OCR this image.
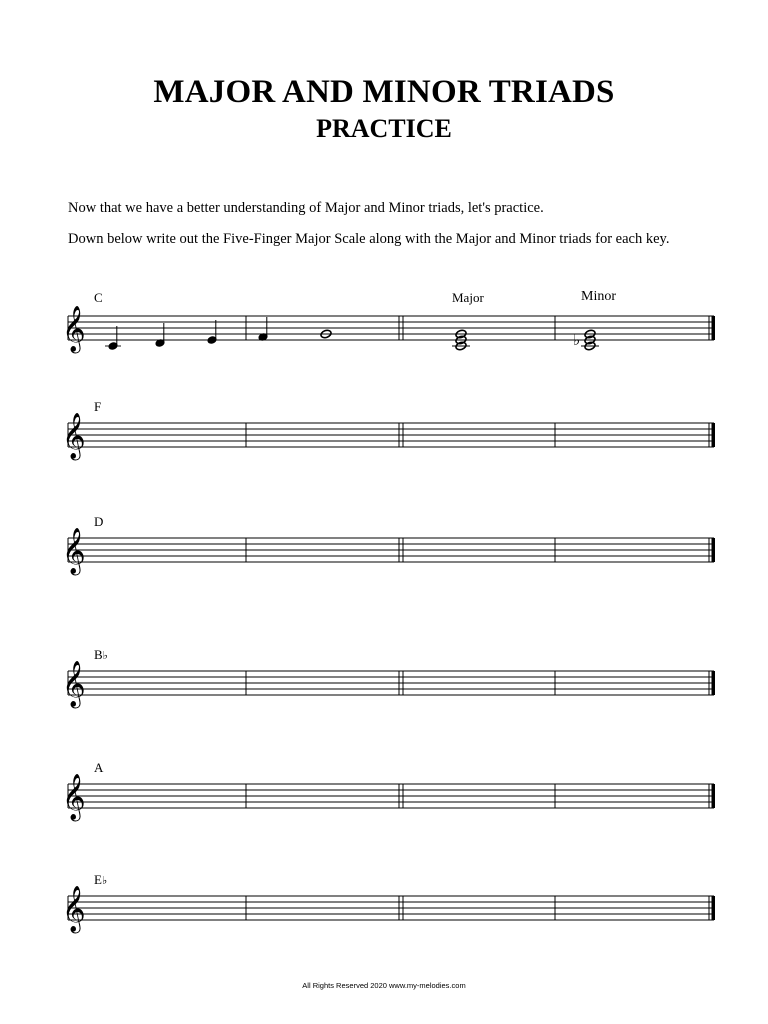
MAJOR AND MINOR TRIADS
PRACTICE
Now that we have a better understanding of Major and Minor triads, let's practice.
Down below write out the Five-Finger Major Scale along with the Major and Minor triads for each key.
C	Major	Minor
𝄞	♭
F
𝄞
D
𝄞
B♭
𝄞
A
𝄞
E♭
𝄞
All Rights Reserved 2020 www.my-melodies.com
